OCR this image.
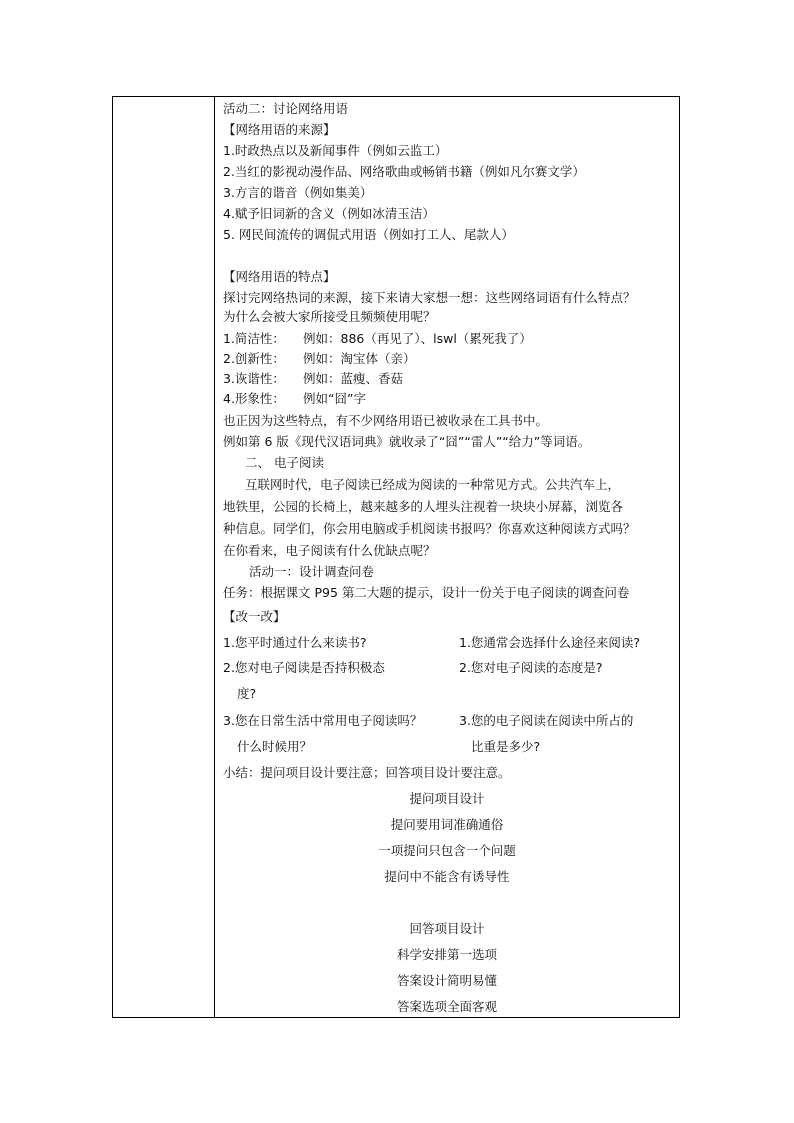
活动二：讨论网络用语
【网络用语的来源】
1.时政热点以及新闻事件（例如云监工）
2.当红的影视动漫作品、网络歌曲或畅销书籍（例如凡尔赛文学）
3.方言的谐音（例如集美）
4.赋予旧词新的含义（例如冰清玉洁）
5. 网民间流传的调侃式用语（例如打工人、尾款人）
【网络用语的特点】
探讨完网络热词的来源，接下来请大家想一想：这些网络词语有什么特点？
为什么会被大家所接受且频频使用呢？
1.简洁性： 例如：886（再见了）、lswl（累死我了）
2.创新性： 例如：淘宝体（亲）
3.诙谐性： 例如：蓝瘦、香菇
4.形象性： 例如“囧”字
也正因为这些特点，有不少网络用语已被收录在工具书中。
例如第 6 版《现代汉语词典》就收录了“囧”“雷人”“给力”等词语。
二、 电子阅读
互联网时代，电子阅读已经成为阅读的一种常见方式。公共汽车上，
地铁里，公园的长椅上，越来越多的人埋头注视着一块块小屏幕，浏览各
种信息。同学们，你会用电脑或手机阅读书报吗？你喜欢这种阅读方式吗？
在你看来，电子阅读有什么优缺点呢？
活动一：设计调查问卷
任务：根据课文 P95 第二大题的提示，设计一份关于电子阅读的调查问卷
【改一改】
1.您平时通过什么来读书?	1.您通常会选择什么途径来阅读?
2.您对电子阅读是否持积极态	2.您对电子阅读的态度是?
度?
3.您在日常生活中常用电子阅读吗？	3.您的电子阅读在阅读中所占的
什么时候用？	比重是多少?
小结：提问项目设计要注意；回答项目设计要注意。
提问项目设计
提问要用词准确通俗
一项提问只包含一个问题
提问中不能含有诱导性
回答项目设计
科学安排第一选项
答案设计简明易懂
答案选项全面客观
